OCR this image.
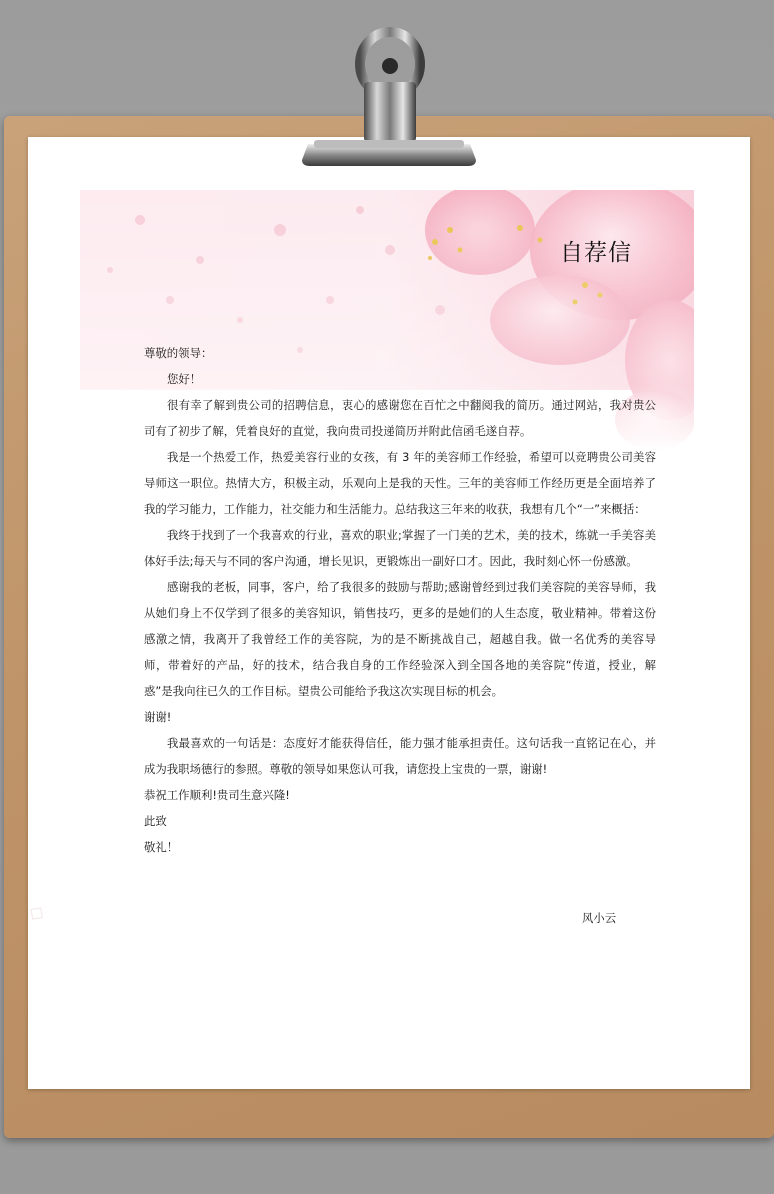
自荐信
◇

尊敬的领导：

您好！

很有幸了解到贵公司的招聘信息，衷心的感谢您在百忙之中翻阅我的简历。通过网站，我对贵公司有了初步了解，凭着良好的直觉，我向贵司投递简历并附此信函毛遂自荐。

我是一个热爱工作，热爱美容行业的女孩，有 3 年的美容师工作经验，希望可以竞聘贵公司美容导师这一职位。热情大方，积极主动，乐观向上是我的天性。三年的美容师工作经历更是全面培养了我的学习能力，工作能力，社交能力和生活能力。总结我这三年来的收获，我想有几个“一”来概括：

我终于找到了一个我喜欢的行业，喜欢的职业;掌握了一门美的艺术，美的技术，练就一手美容美体好手法;每天与不同的客户沟通，增长见识，更锻炼出一副好口才。因此，我时刻心怀一份感激。

感谢我的老板，同事，客户，给了我很多的鼓励与帮助;感谢曾经到过我们美容院的美容导师，我从她们身上不仅学到了很多的美容知识，销售技巧，更多的是她们的人生态度，敬业精神。带着这份感激之情，我离开了我曾经工作的美容院，为的是不断挑战自己，超越自我。做一名优秀的美容导师，带着好的产品，好的技术，结合我自身的工作经验深入到全国各地的美容院“传道，授业，解惑”是我向往已久的工作目标。望贵公司能给予我这次实现目标的机会。

谢谢!

我最喜欢的一句话是：态度好才能获得信任，能力强才能承担责任。这句话我一直铭记在心，并成为我职场德行的参照。尊敬的领导如果您认可我，请您投上宝贵的一票，谢谢!

恭祝工作顺利!贵司生意兴隆!

此致

敬礼！

风小云
